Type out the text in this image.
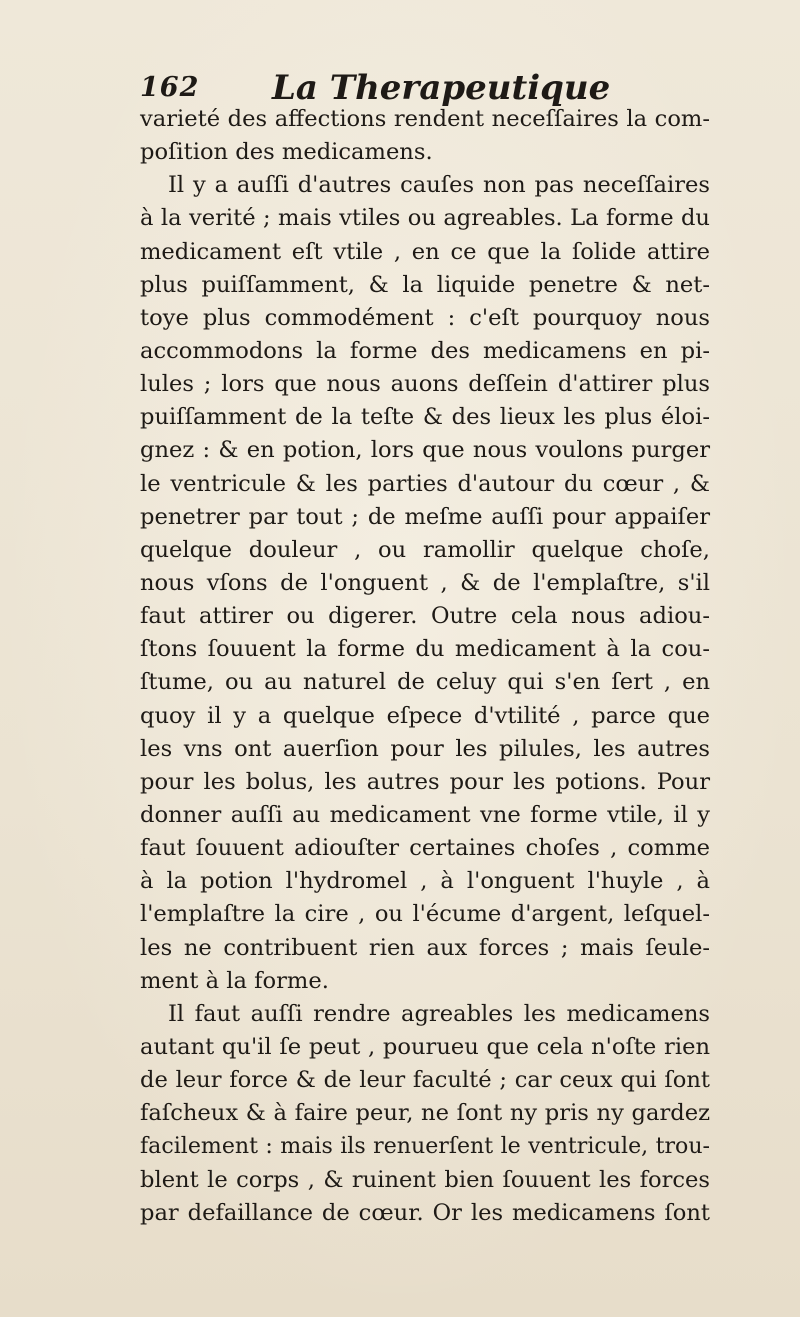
162 La Therapeutique
varieté des affections rendent neceſſaires la com-
poſition des medicamens.
Il y a auſſi d'autres cauſes non pas neceſſaires
à la verité ; mais vtiles ou agreables. La forme du
medicament eſt vtile , en ce que la ſolide attire
plus puiſſamment, & la liquide penetre & net-
toye plus commodément : c'eſt pourquoy nous
accommodons la forme des medicamens en pi-
lules ; lors que nous auons deſſein d'attirer plus
puiſſamment de la teſte & des lieux les plus éloi-
gnez : & en potion, lors que nous voulons purger
le ventricule & les parties d'autour du cœur , &
penetrer par tout ; de meſme auſſi pour appaiſer
quelque douleur , ou ramollir quelque choſe,
nous vſons de l'onguent , & de l'emplaſtre, s'il
faut attirer ou digerer. Outre cela nous adiou-
ſtons ſouuent la forme du medicament à la cou-
ſtume, ou au naturel de celuy qui s'en ſert , en
quoy il y a quelque eſpece d'vtilité , parce que
les vns ont auerſion pour les pilules, les autres
pour les bolus, les autres pour les potions. Pour
donner auſſi au medicament vne forme vtile, il y
faut ſouuent adiouſter certaines choſes , comme
à la potion l'hydromel , à l'onguent l'huyle , à
l'emplaſtre la cire , ou l'écume d'argent, leſquel-
les ne contribuent rien aux forces ; mais ſeule-
ment à la forme.
Il faut auſſi rendre agreables les medicamens
autant qu'il ſe peut , pourueu que cela n'oſte rien
de leur force & de leur faculté ; car ceux qui ſont
faſcheux & à faire peur, ne ſont ny pris ny gardez
facilement : mais ils renuerſent le ventricule, trou-
blent le corps , & ruinent bien ſouuent les forces
par defaillance de cœur. Or les medicamens ſont
